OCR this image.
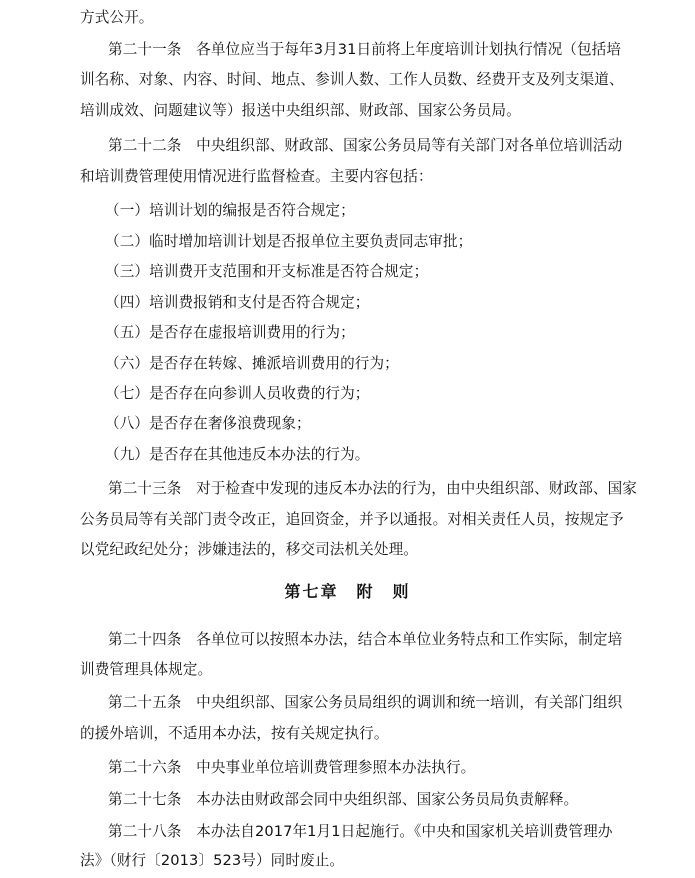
方式公开。
第二十一条　各单位应当于每年3月31日前将上年度培训计划执行情况（包括培
训名称、对象、内容、时间、地点、参训人数、工作人员数、经费开支及列支渠道、
培训成效、问题建议等）报送中央组织部、财政部、国家公务员局。
第二十二条　中央组织部、财政部、国家公务员局等有关部门对各单位培训活动
和培训费管理使用情况进行监督检查。主要内容包括：
（一）培训计划的编报是否符合规定；
（二）临时增加培训计划是否报单位主要负责同志审批；
（三）培训费开支范围和开支标准是否符合规定；
（四）培训费报销和支付是否符合规定；
（五）是否存在虚报培训费用的行为；
（六）是否存在转嫁、摊派培训费用的行为；
（七）是否存在向参训人员收费的行为；
（八）是否存在奢侈浪费现象；
（九）是否存在其他违反本办法的行为。
第二十三条　对于检查中发现的违反本办法的行为，由中央组织部、财政部、国家
公务员局等有关部门责令改正，追回资金，并予以通报。对相关责任人员，按规定予
以党纪政纪处分；涉嫌违法的，移交司法机关处理。
第七章　附　则
第二十四条　各单位可以按照本办法，结合本单位业务特点和工作实际，制定培
训费管理具体规定。
第二十五条　中央组织部、国家公务员局组织的调训和统一培训，有关部门组织
的援外培训，不适用本办法，按有关规定执行。
第二十六条　中央事业单位培训费管理参照本办法执行。
第二十七条　本办法由财政部会同中央组织部、国家公务员局负责解释。
第二十八条　本办法自2017年1月1日起施行。《中央和国家机关培训费管理办
法》（财行〔2013〕523号）同时废止。
